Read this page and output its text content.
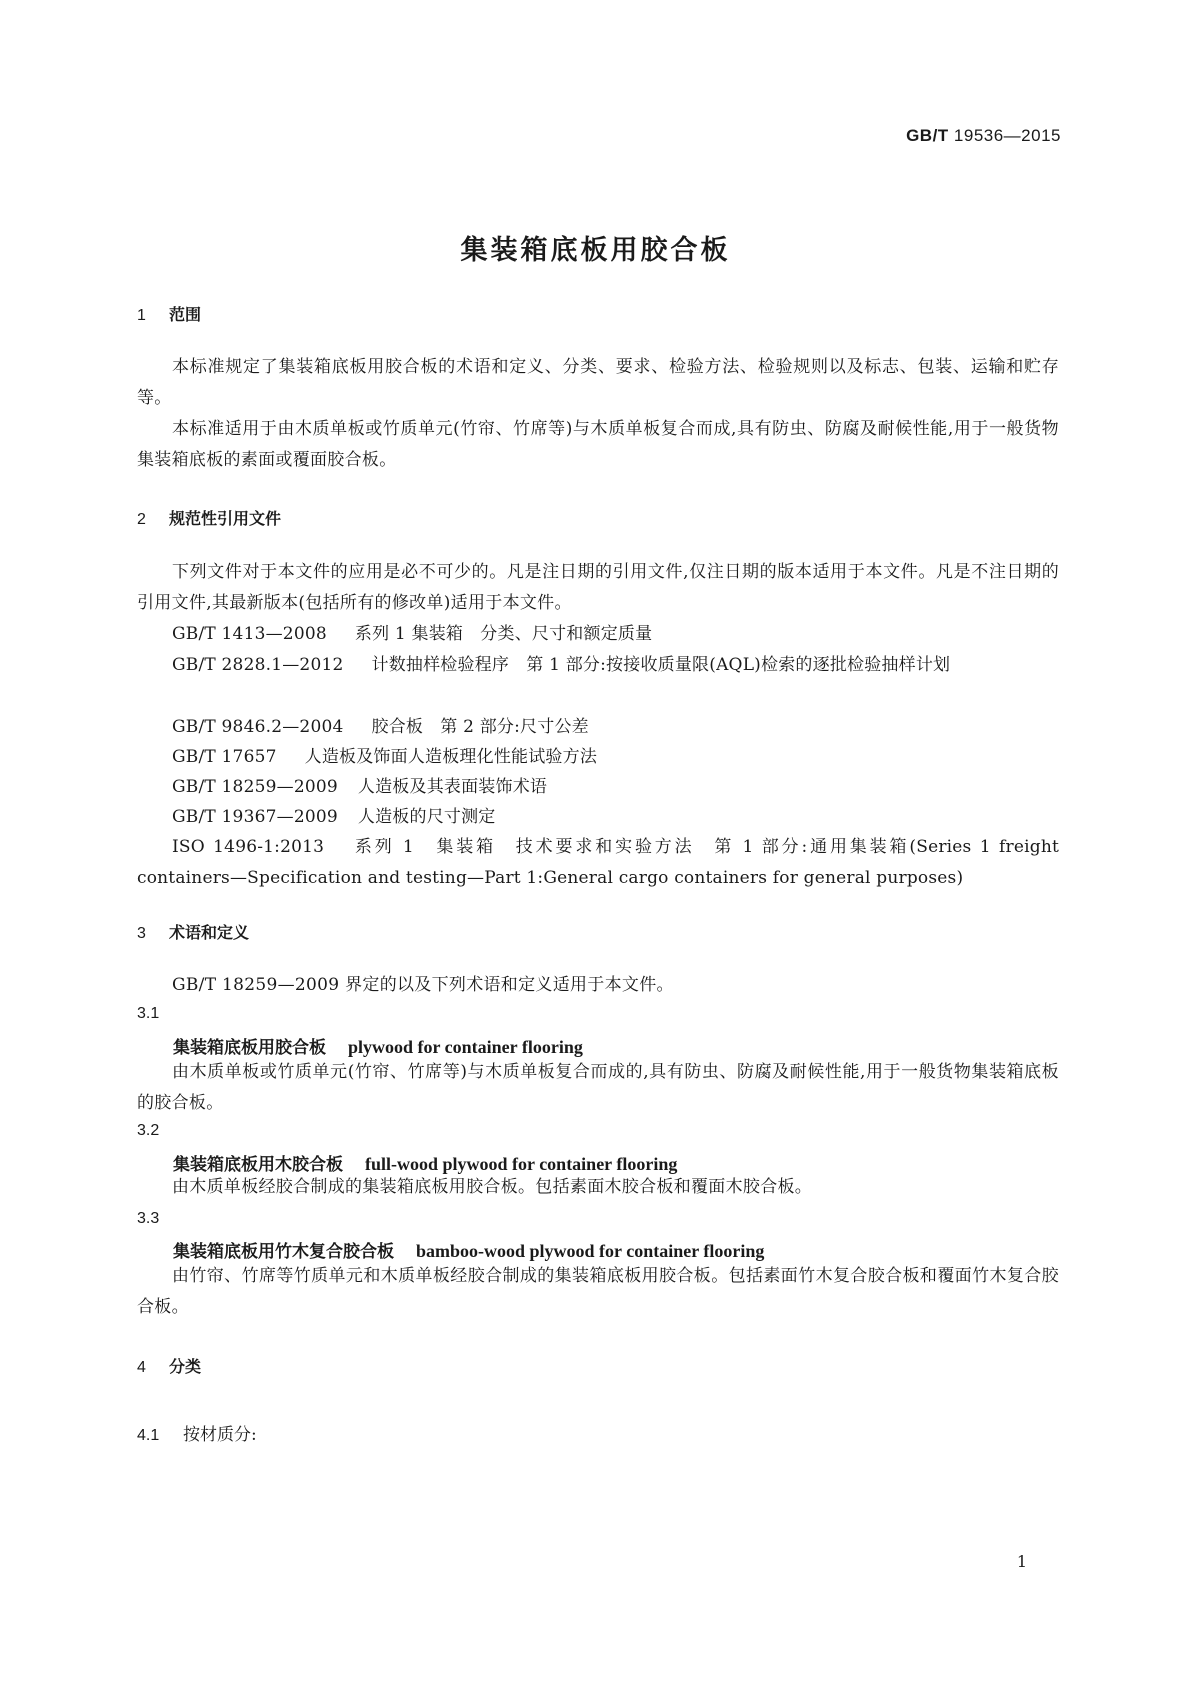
GB/T 19536—2015
集装箱底板用胶合板
1 范围
本标准规定了集装箱底板用胶合板的术语和定义、分类、要求、检验方法、检验规则以及标志、包装、运输和贮存等。
本标准适用于由木质单板或竹质单元(竹帘、竹席等)与木质单板复合而成,具有防虫、防腐及耐候性能,用于一般货物集装箱底板的素面或覆面胶合板。
2 规范性引用文件
下列文件对于本文件的应用是必不可少的。凡是注日期的引用文件,仅注日期的版本适用于本文件。凡是不注日期的引用文件,其最新版本(包括所有的修改单)适用于本文件。
GB/T 1413—2008 系列 1 集装箱　分类、尺寸和额定质量
GB/T 2828.1—2012 计数抽样检验程序　第 1 部分:按接收质量限(AQL)检索的逐批检验抽样计划
GB/T 9846.2—2004 胶合板　第 2 部分:尺寸公差
GB/T 17657 人造板及饰面人造板理化性能试验方法
GB/T 18259—2009 人造板及其表面装饰术语
GB/T 19367—2009 人造板的尺寸测定
ISO 1496-1:2013 系列 1　集装箱　技术要求和实验方法　第 1 部分:通用集装箱(Series 1 freight containers—Specification and testing—Part 1:General cargo containers for general purposes)
3 术语和定义
GB/T 18259—2009 界定的以及下列术语和定义适用于本文件。
3.1
集装箱底板用胶合板 plywood for container flooring
由木质单板或竹质单元(竹帘、竹席等)与木质单板复合而成的,具有防虫、防腐及耐候性能,用于一般货物集装箱底板的胶合板。
3.2
集装箱底板用木胶合板 full-wood plywood for container flooring
由木质单板经胶合制成的集装箱底板用胶合板。包括素面木胶合板和覆面木胶合板。
3.3
集装箱底板用竹木复合胶合板 bamboo-wood plywood for container flooring
由竹帘、竹席等竹质单元和木质单板经胶合制成的集装箱底板用胶合板。包括素面竹木复合胶合板和覆面竹木复合胶合板。
4 分类
4.1 按材质分:
1
